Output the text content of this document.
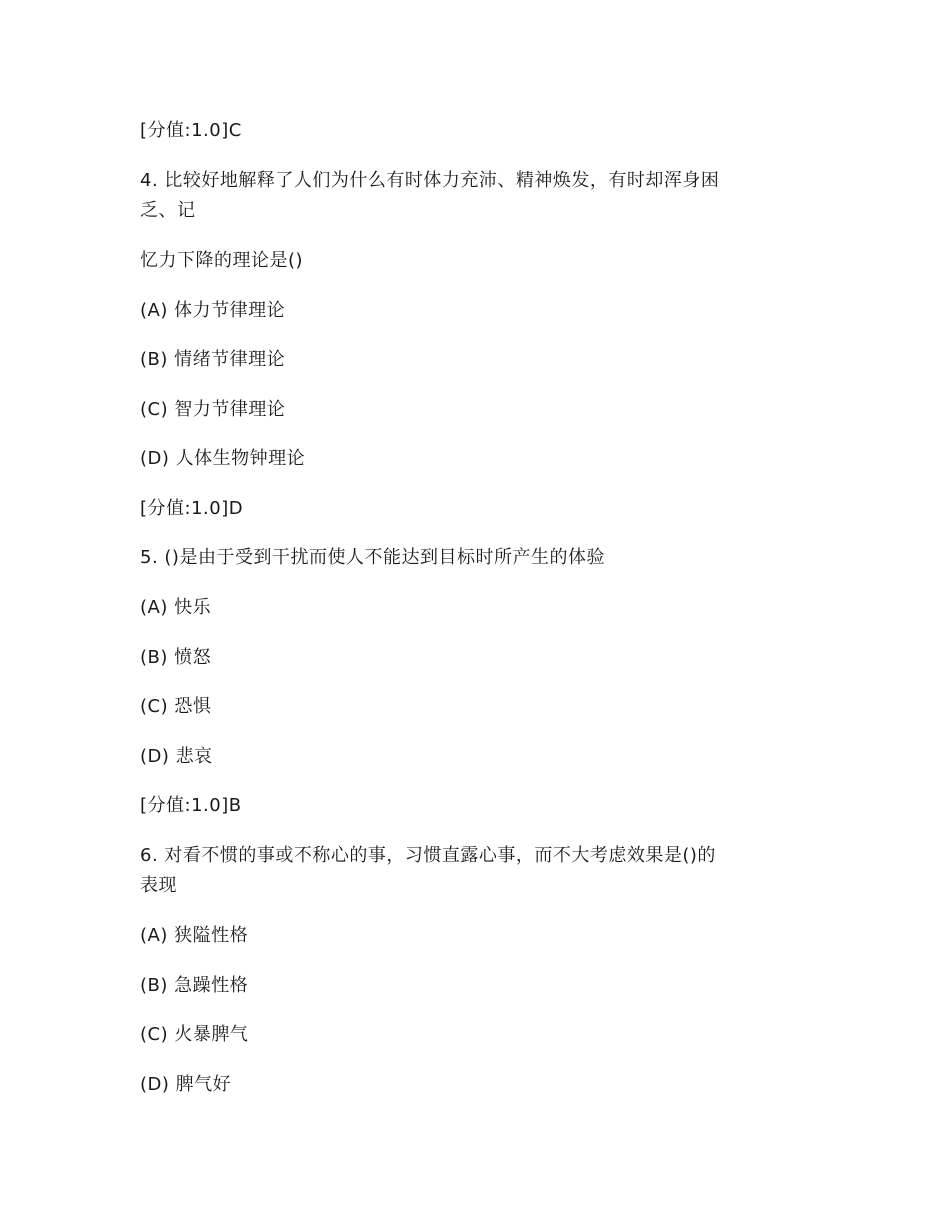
[分值:1.0]C

4. 比较好地解释了人们为什么有时体力充沛、精神焕发，有时却浑身困

乏、记

忆力下降的理论是()

(A) 体力节律理论

(B) 情绪节律理论

(C) 智力节律理论

(D) 人体生物钟理论

[分值:1.0]D

5. ()是由于受到干扰而使人不能达到目标时所产生的体验

(A) 快乐

(B) 愤怒

(C) 恐惧

(D) 悲哀

[分值:1.0]B

6. 对看不惯的事或不称心的事，习惯直露心事，而不大考虑效果是()的

表现

(A) 狭隘性格

(B) 急躁性格

(C) 火暴脾气

(D) 脾气好
